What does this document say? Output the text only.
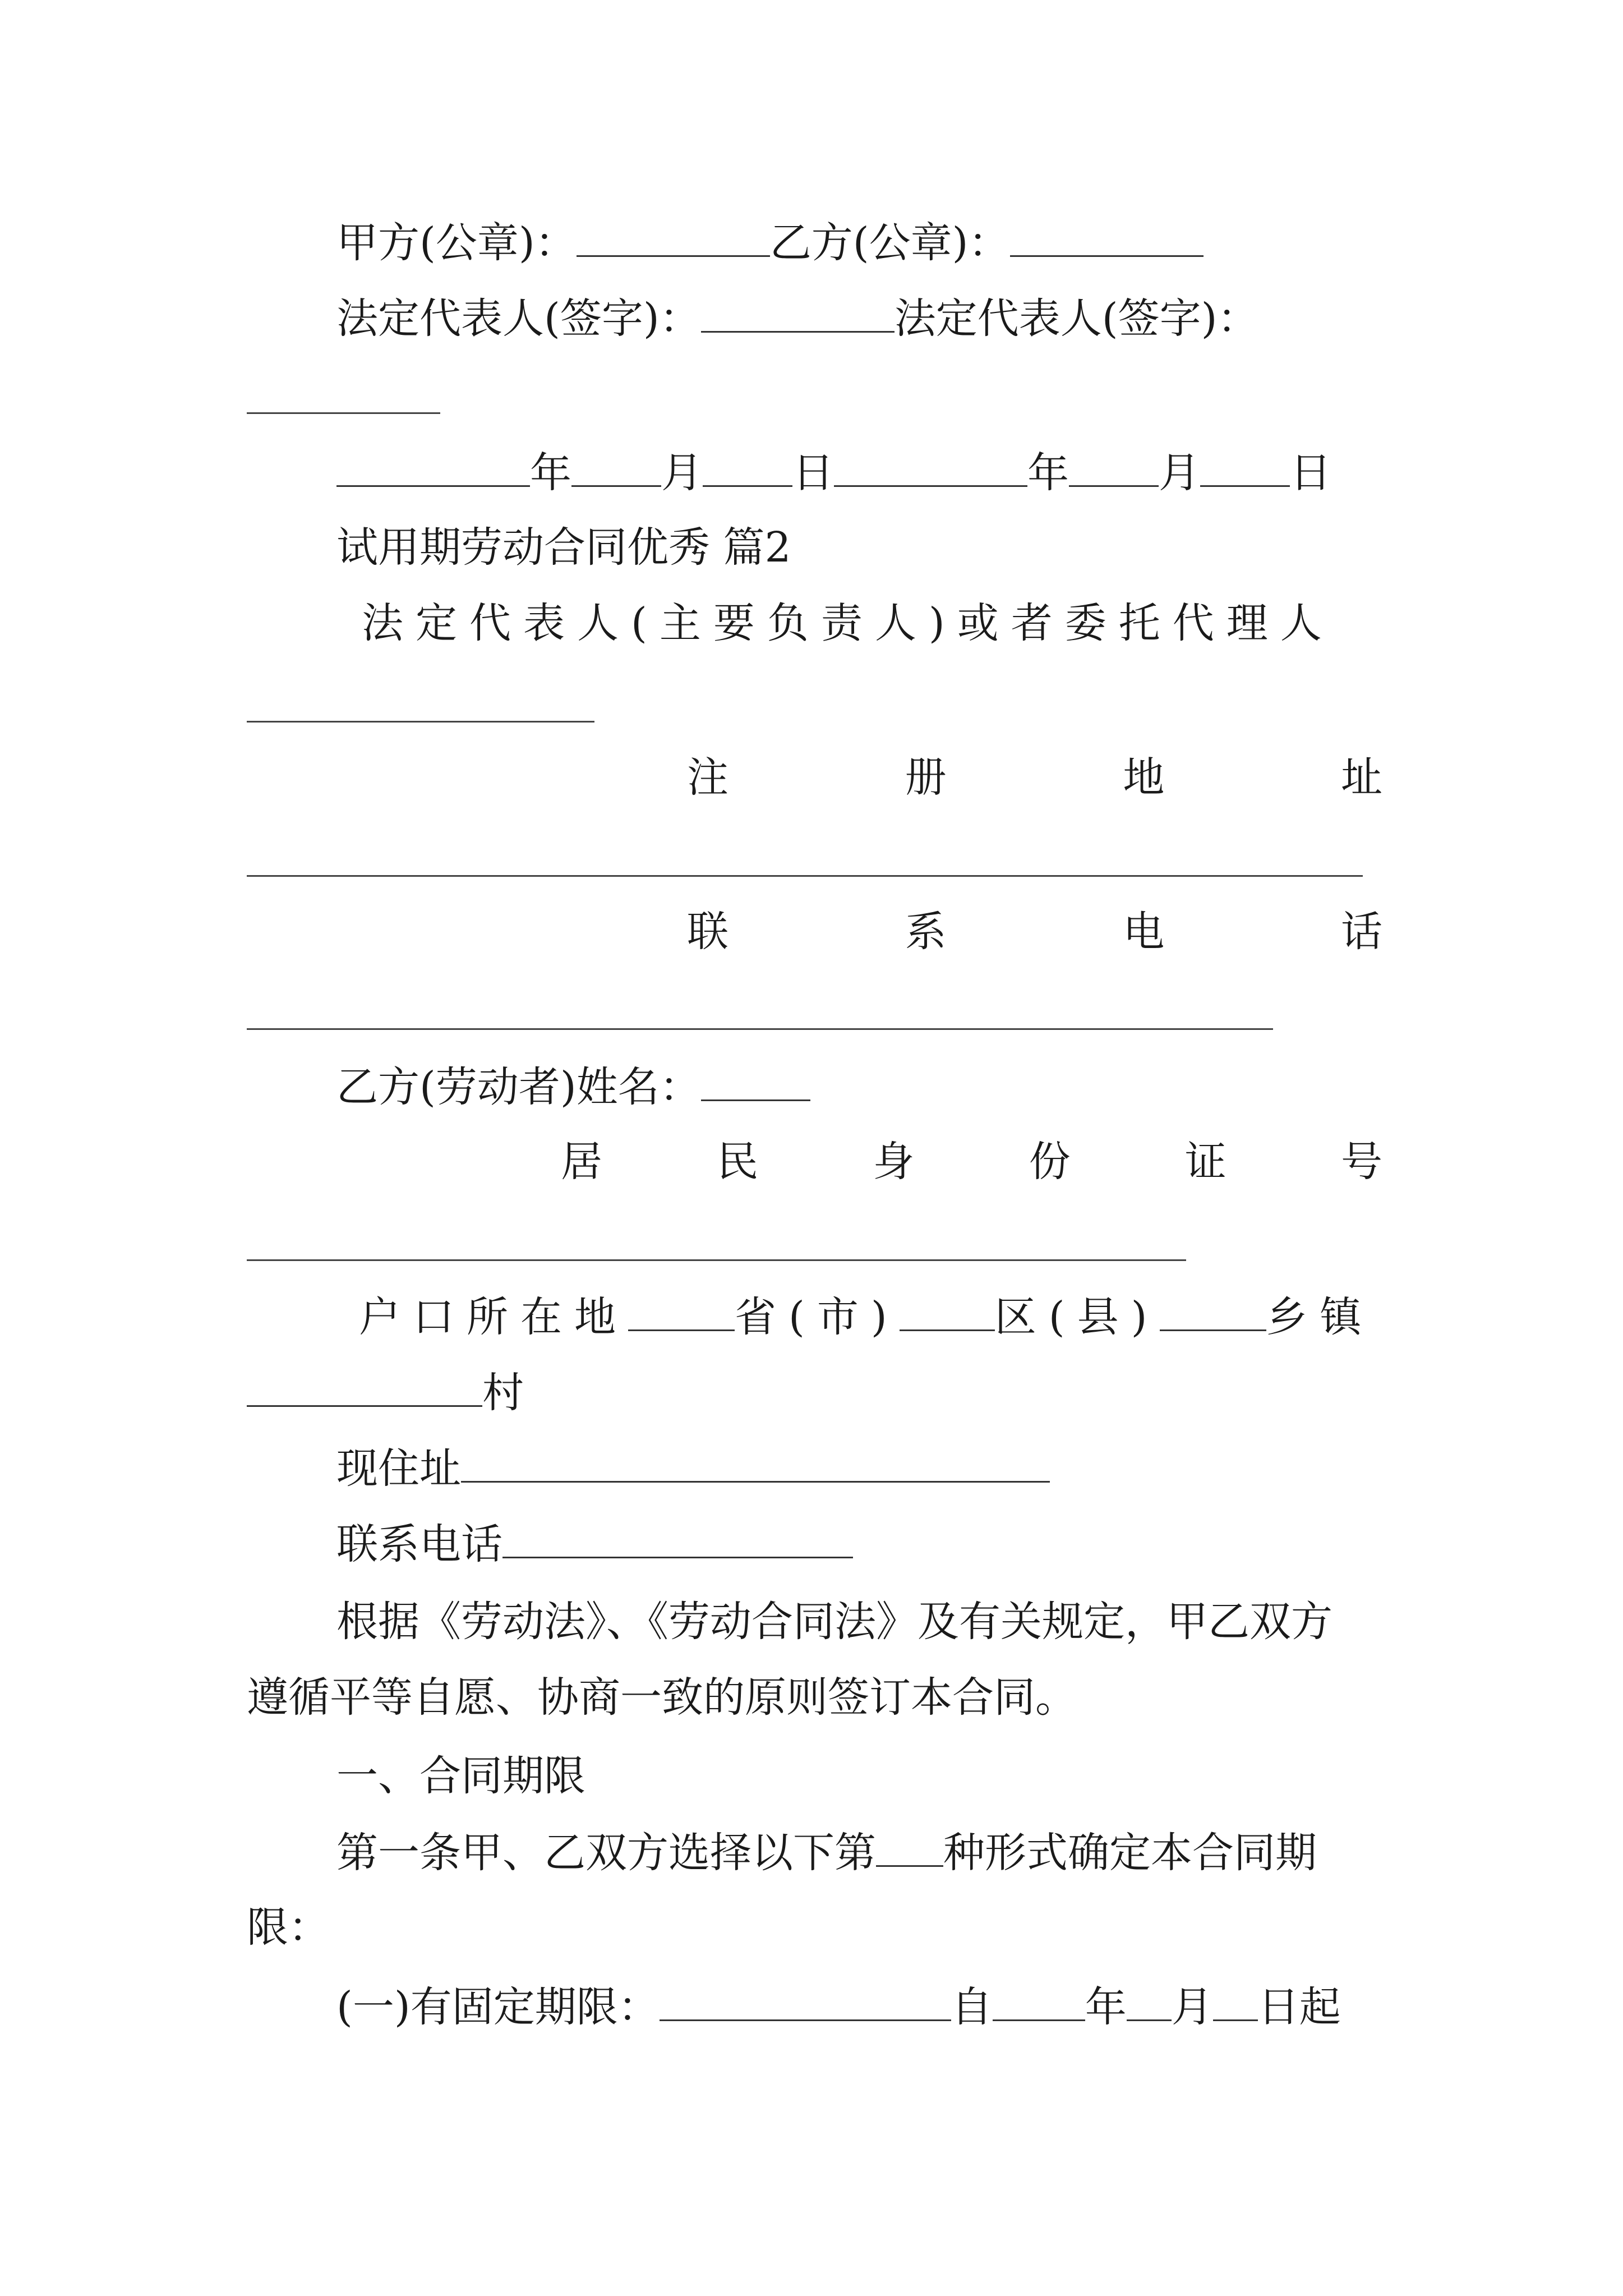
甲方(公章)：	乙方(公章)：
法定代表人(签字)：	法定代表人(签字)：
年 月 日	年 月 日
试用期劳动合同优秀 篇2
法定代表人(主要负责人)或者委托代理人
注	册	地	址
联	系	电	话
乙方(劳动者)姓名：
居	民	身	份	证	号
户口所在地	省(市) 区(县)	乡镇
村
现住址
联系电话
根据《劳动法》、《劳动合同法》及有关规定，甲乙双方
遵循平等自愿、协商一致的原则签订本合同。
一、合同期限
第一条甲、乙双方选择以下第 种形式确定本合同期
限：
(一)有固定期限：	自 年 月 日起
